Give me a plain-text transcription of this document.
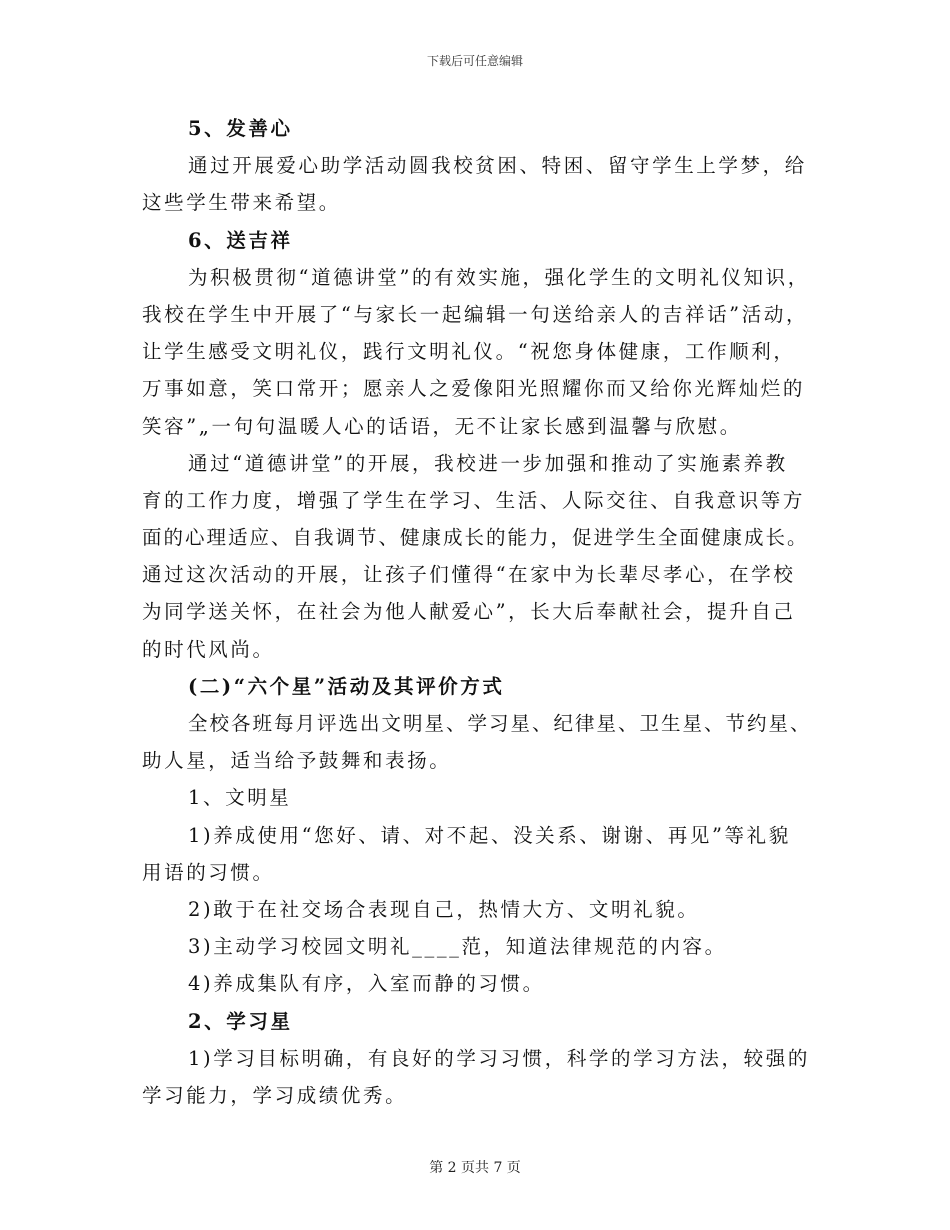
下载后可任意编辑
5、发善心
通过开展爱心助学活动圆我校贫困、特困、留守学生上学梦，给
这些学生带来希望。
6、送吉祥
为积极贯彻“道德讲堂”的有效实施，强化学生的文明礼仪知识，
我校在学生中开展了“与家长一起编辑一句送给亲人的吉祥话”活动，
让学生感受文明礼仪，践行文明礼仪。“祝您身体健康，工作顺利，
万事如意，笑口常开；愿亲人之爱像阳光照耀你而又给你光辉灿烂的
笑容”„一句句温暖人心的话语，无不让家长感到温馨与欣慰。
通过“道德讲堂”的开展，我校进一步加强和推动了实施素养教
育的工作力度，增强了学生在学习、生活、人际交往、自我意识等方
面的心理适应、自我调节、健康成长的能力，促进学生全面健康成长。
通过这次活动的开展，让孩子们懂得“在家中为长辈尽孝心，在学校
为同学送关怀，在社会为他人献爱心”，长大后奉献社会，提升自己
的时代风尚。
(二)“六个星”活动及其评价方式
全校各班每月评选出文明星、学习星、纪律星、卫生星、节约星、
助人星，适当给予鼓舞和表扬。
1、文明星
1)养成使用“您好、请、对不起、没关系、谢谢、再见”等礼貌
用语的习惯。
2)敢于在社交场合表现自己，热情大方、文明礼貌。
3)主动学习校园文明礼____范，知道法律规范的内容。
4)养成集队有序，入室而静的习惯。
2、学习星
1)学习目标明确，有良好的学习习惯，科学的学习方法，较强的
学习能力，学习成绩优秀。
第 2 页共 7 页
